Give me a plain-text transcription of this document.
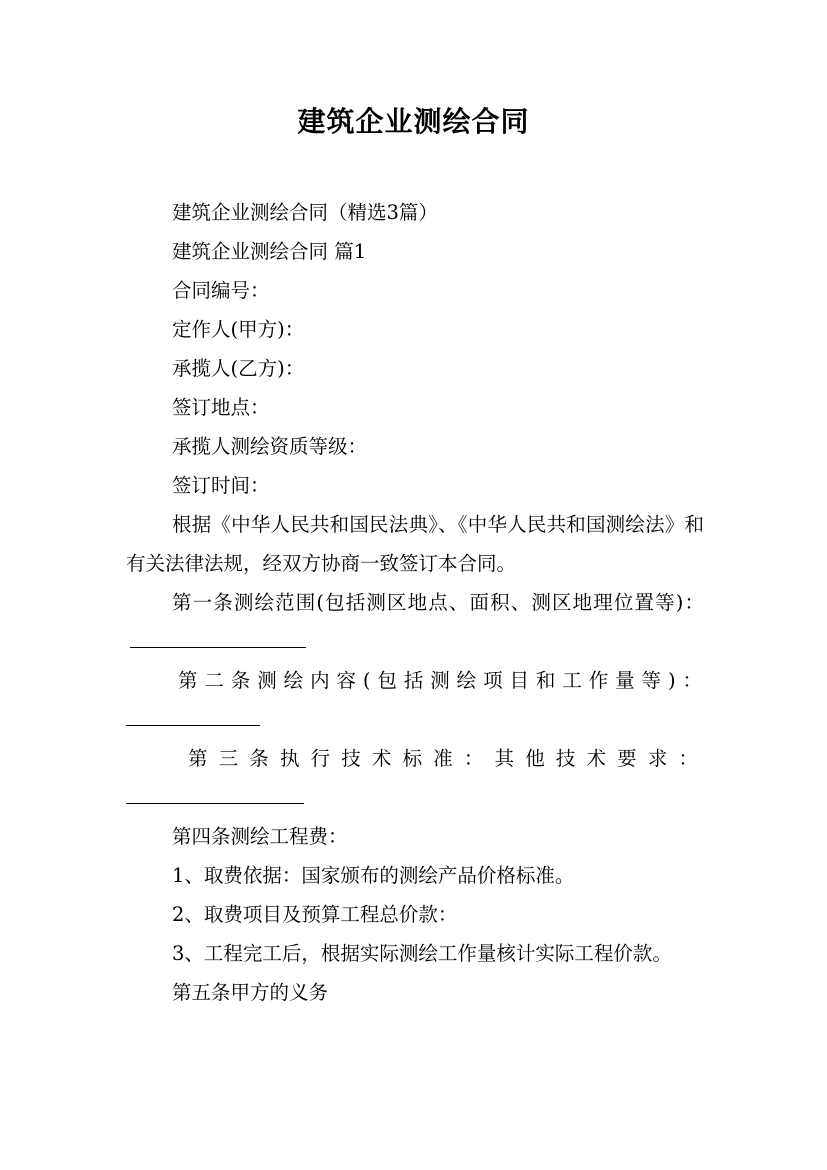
建筑企业测绘合同
建筑企业测绘合同（精选3篇）
建筑企业测绘合同 篇1
合同编号：
定作人(甲方)：
承揽人(乙方)：
签订地点：
承揽人测绘资质等级：
签订时间：
根据《中华人民共和国民法典》、《中华人民共和国测绘法》和有关法律法规，经双方协商一致签订本合同。
第一条测绘范围(包括测区地点、面积、测区地理位置等)：
第二条测绘内容(包括测绘项目和工作量等)：
第三条执行技术标准：其他技术要求：
第四条测绘工程费：
1、取费依据：国家颁布的测绘产品价格标准。
2、取费项目及预算工程总价款：
3、工程完工后，根据实际测绘工作量核计实际工程价款。
第五条甲方的义务
